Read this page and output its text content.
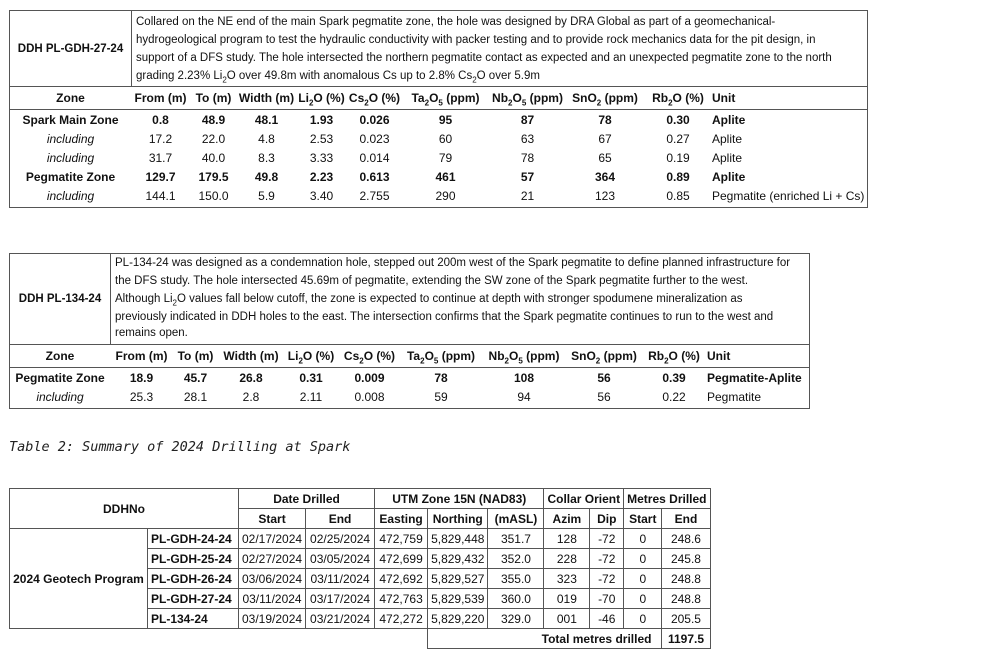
DDH PL-GDH-27-24
Collared on the NE end of the main Spark pegmatite zone, the hole was designed by DRA Global as part of a geomechanical-
hydrogeological program to test the hydraulic conductivity with packer testing and to provide rock mechanics data for the pit design, in
support of a DFS study. The hole intersected the northern pegmatite contact as expected and an unexpected pegmatite zone to the north
grading 2.23% $Li_2O$ over 49.8m with anomalous Cs up to 2.8% $Cs_2O$ over 5.9m
Zone	From (m)	To (m)	Width (m)	$Li_2O$ (%)	$Cs_2O$ (%)	$Ta_2O_5$ (ppm)	$Nb_2O_5$ (ppm)	SnO$_2$ (ppm)	$Rb_2O$ (%)	Unit
Spark Main Zone	0.8	48.9	48.1	1.93	0.026	95	87	78	0.30	Aplite
including	17.2	22.0	4.8	2.53	0.023	60	63	67	0.27	Aplite
including	31.7	40.0	8.3	3.33	0.014	79	78	65	0.19	Aplite
Pegmatite Zone	129.7	179.5	49.8	2.23	0.613	461	57	364	0.89	Aplite
including	144.1	150.0	5.9	3.40	2.755	290	21	123	0.85	Pegmatite (enriched Li + Cs)
DDH PL-134-24
PL-134-24 was designed as a condemnation hole, stepped out 200m west of the Spark pegmatite to define planned infrastructure for
the DFS study. The hole intersected 45.69m of pegmatite, extending the SW zone of the Spark pegmatite further to the west.
Although $Li_2O$ values fall below cutoff, the zone is expected to continue at depth with stronger spodumene mineralization as
previously indicated in DDH holes to the east. The intersection confirms that the Spark pegmatite continues to run to the west and
remains open.
Zone	From (m)	To (m)	Width (m)	$Li_2O$ (%)	$Cs_2O$ (%)	$Ta_2O_5$ (ppm)	$Nb_2O_5$ (ppm)	SnO$_2$ (ppm)	$Rb_2O$ (%)	Unit
Pegmatite Zone	18.9	45.7	26.8	0.31	0.009	78	108	56	0.39	Pegmatite-Aplite
including	25.3	28.1	2.8	2.11	0.008	59	94	56	0.22	Pegmatite
Table 2: Summary of 2024 Drilling at Spark
DDHNo		Date Drilled		UTM Zone 15N (NAD83)			Collar Orient		Metres Drilled	
		Start	End	Easting	Northing	(mASL)	Azim	Dip	Start	End
2024 Geotech Program	PL-GDH-24-24	02/17/2024	02/25/2024	472,759	5,829,448	351.7	128	-72	0	248.6
	PL-GDH-25-24	02/27/2024	03/05/2024	472,699	5,829,432	352.0	228	-72	0	245.8
	PL-GDH-26-24	03/06/2024	03/11/2024	472,692	5,829,527	355.0	323	-72	0	248.8
	PL-GDH-27-24	03/11/2024	03/17/2024	472,763	5,829,539	360.0	019	-70	0	248.8
	PL-134-24	03/19/2024	03/21/2024	472,272	5,829,220	329.0	001	-46	0	205.5
					Total metres drilled					1197.5
